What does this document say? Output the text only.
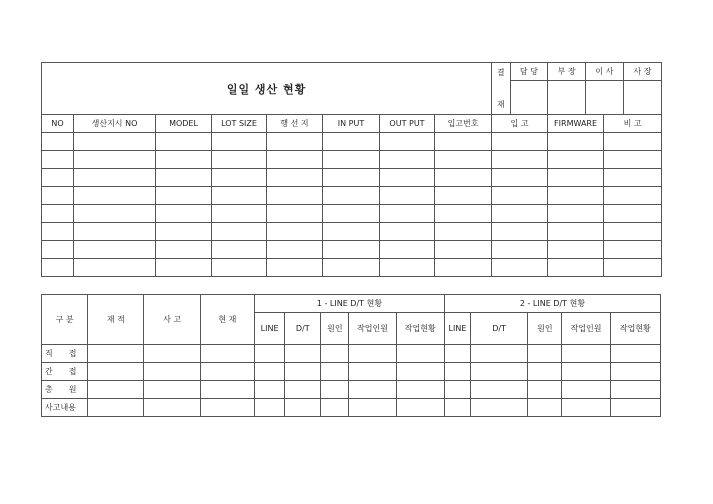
일일 생산 현황	
결

재	담 당	부 장	이 사	사 장

NO	생산지시 NO	MODEL	LOT SIZE	행 선 지	IN PUT	OUT PUT	입고번호	입 고	FIRMWARE	비 고

구 분	재 적	사 고	현 재	1 - LINE D/T 현황					2 - LINE D/T 현황				
				LINE	D/T	원인	작업인원	작업현황	LINE	D/T	원인	작업인원	작업현황
직　　접													
간　　접													
총　　원													
사고내용													
